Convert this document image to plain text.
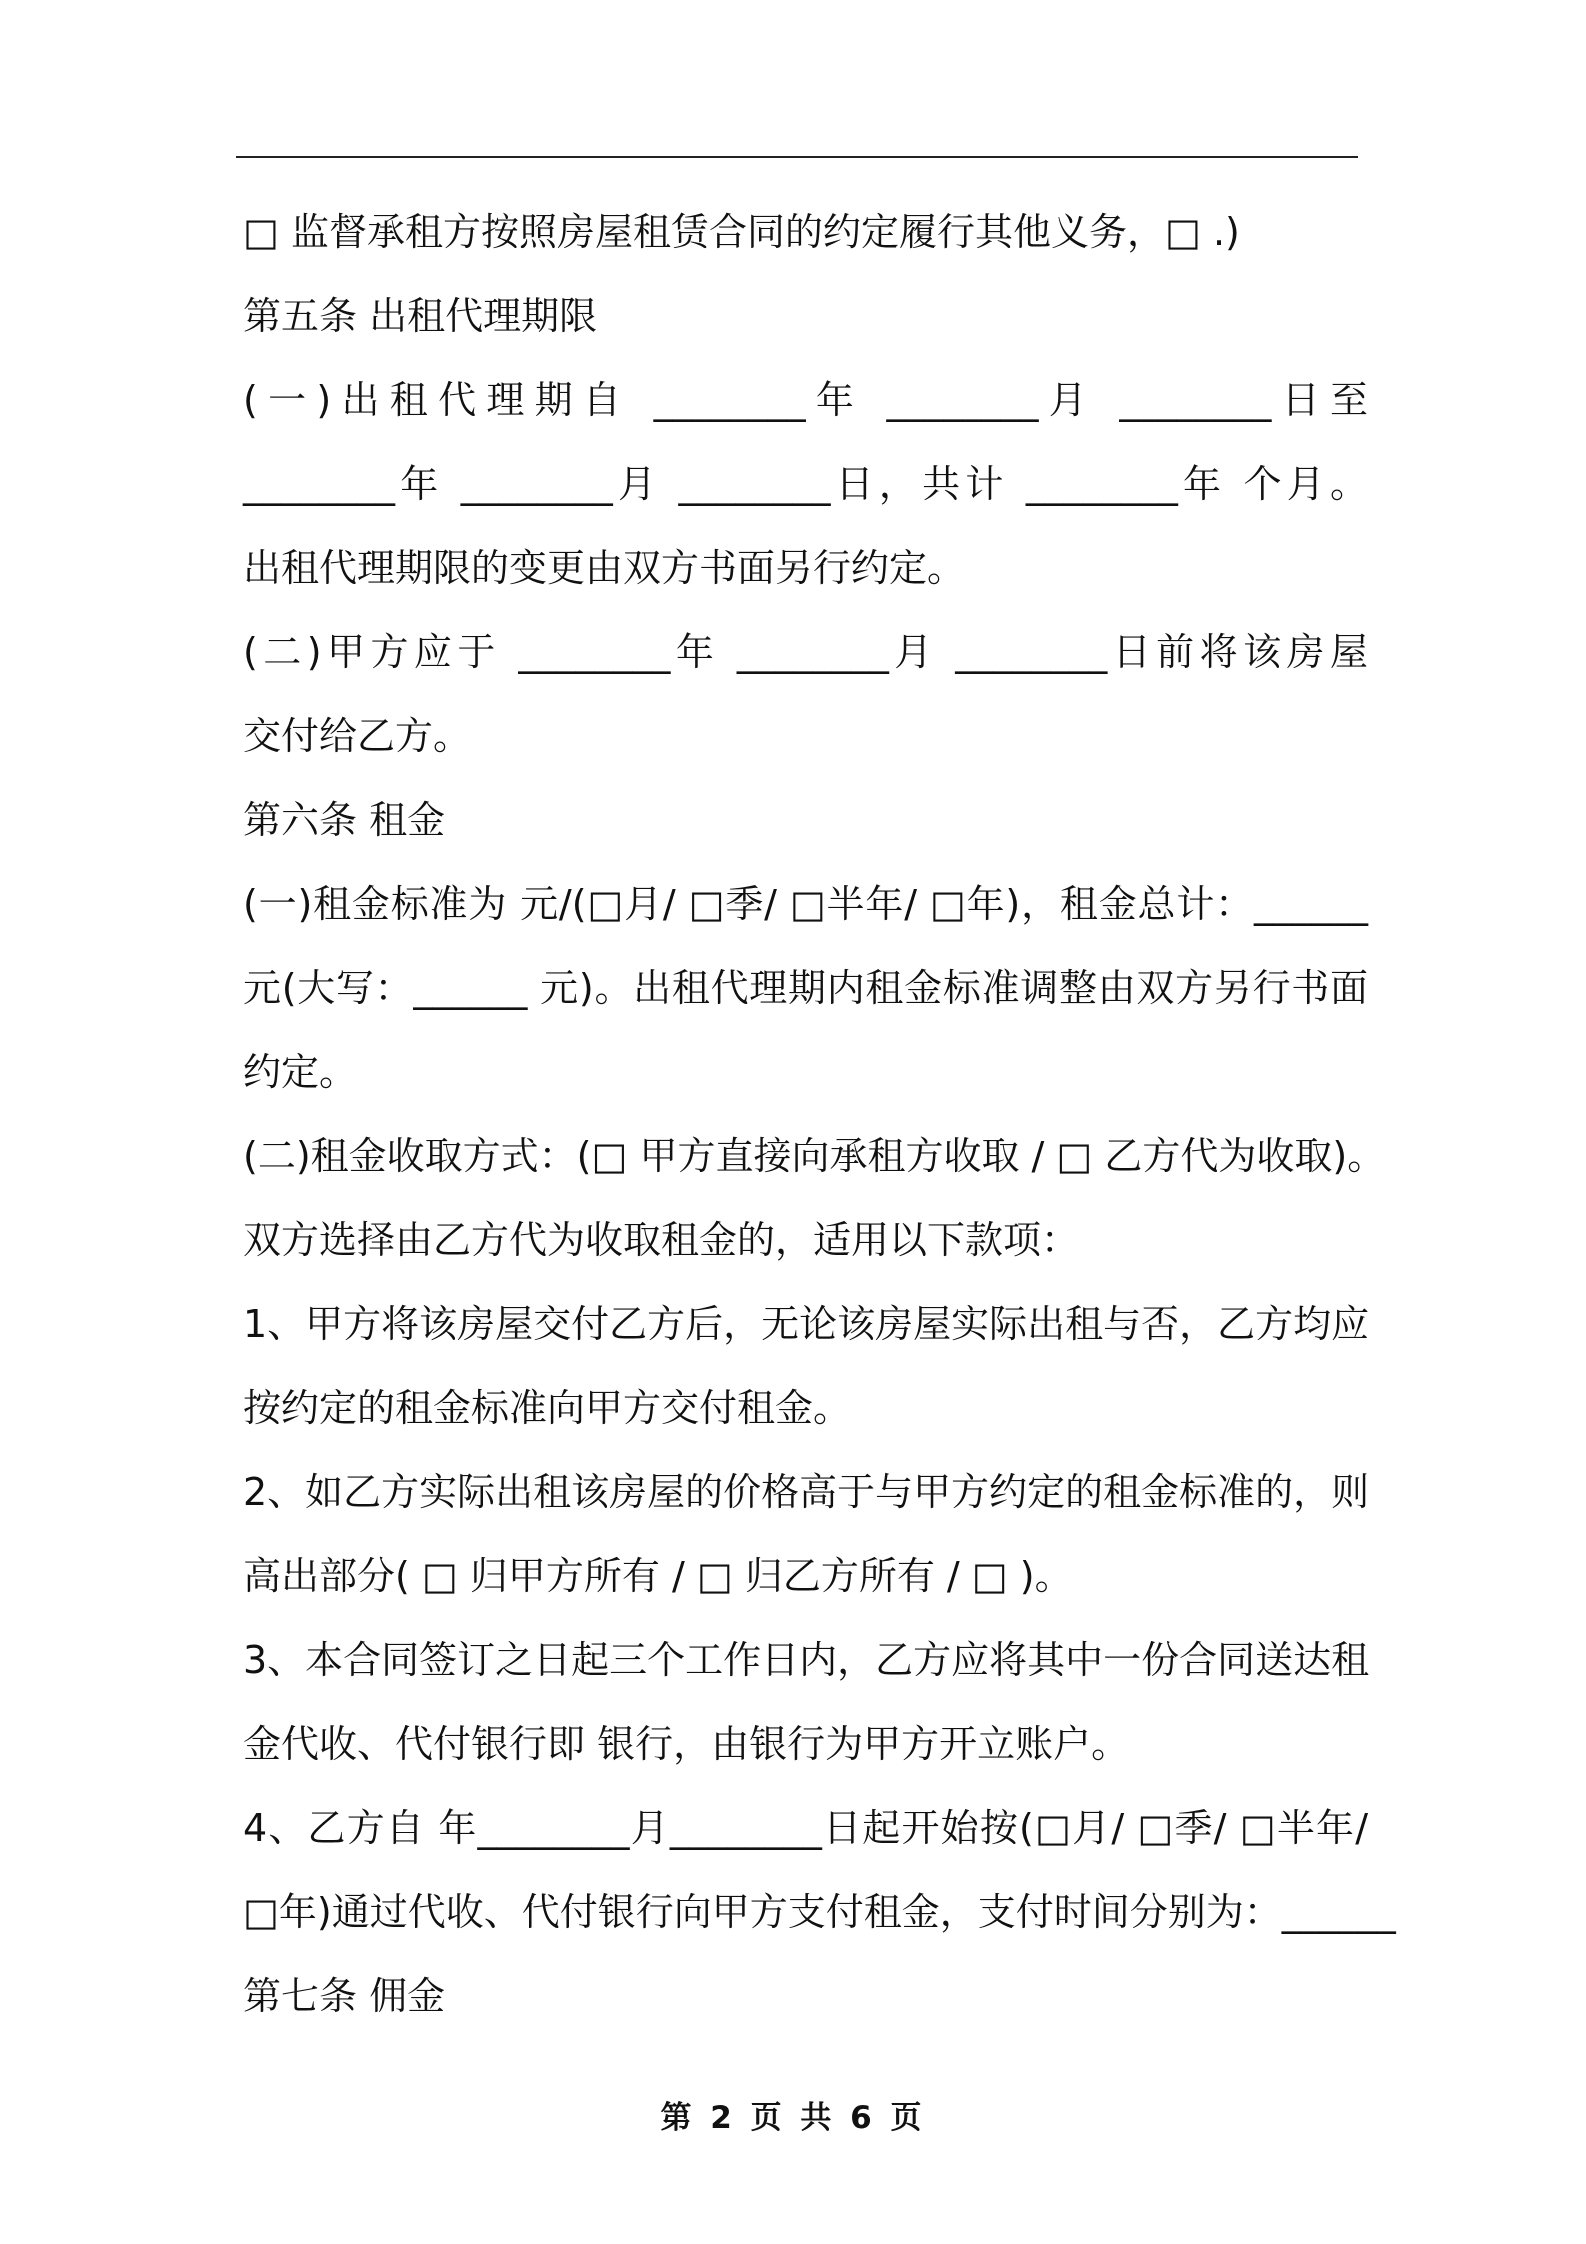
□ 监督承租方按照房屋租赁合同的约定履行其他义务，□ .)
第五条 出租代理期限
(一)出租代理期自 ________年 ________月 ________日至
________年 ________月 ________日，共计 ________年 个月。
出租代理期限的变更由双方书面另行约定。
(二)甲方应于 ________年 ________月 ________日前将该房屋
交付给乙方。
第六条 租金
(一)租金标准为 元/(□月/ □季/ □半年/ □年)，租金总计：______
元(大写：______ 元)。出租代理期内租金标准调整由双方另行书面
约定。
(二)租金收取方式：(□ 甲方直接向承租方收取 / □ 乙方代为收取)。
双方选择由乙方代为收取租金的，适用以下款项：
1、甲方将该房屋交付乙方后，无论该房屋实际出租与否，乙方均应
按约定的租金标准向甲方交付租金。
2、如乙方实际出租该房屋的价格高于与甲方约定的租金标准的，则
高出部分( □ 归甲方所有 / □ 归乙方所有 / □ )。
3、本合同签订之日起三个工作日内，乙方应将其中一份合同送达租
金代收、代付银行即 银行，由银行为甲方开立账户。
4、乙方自 年________月________日起开始按(□月/ □季/ □半年/
□年)通过代收、代付银行向甲方支付租金，支付时间分别为：______
第七条 佣金
第 2 页 共 6 页
